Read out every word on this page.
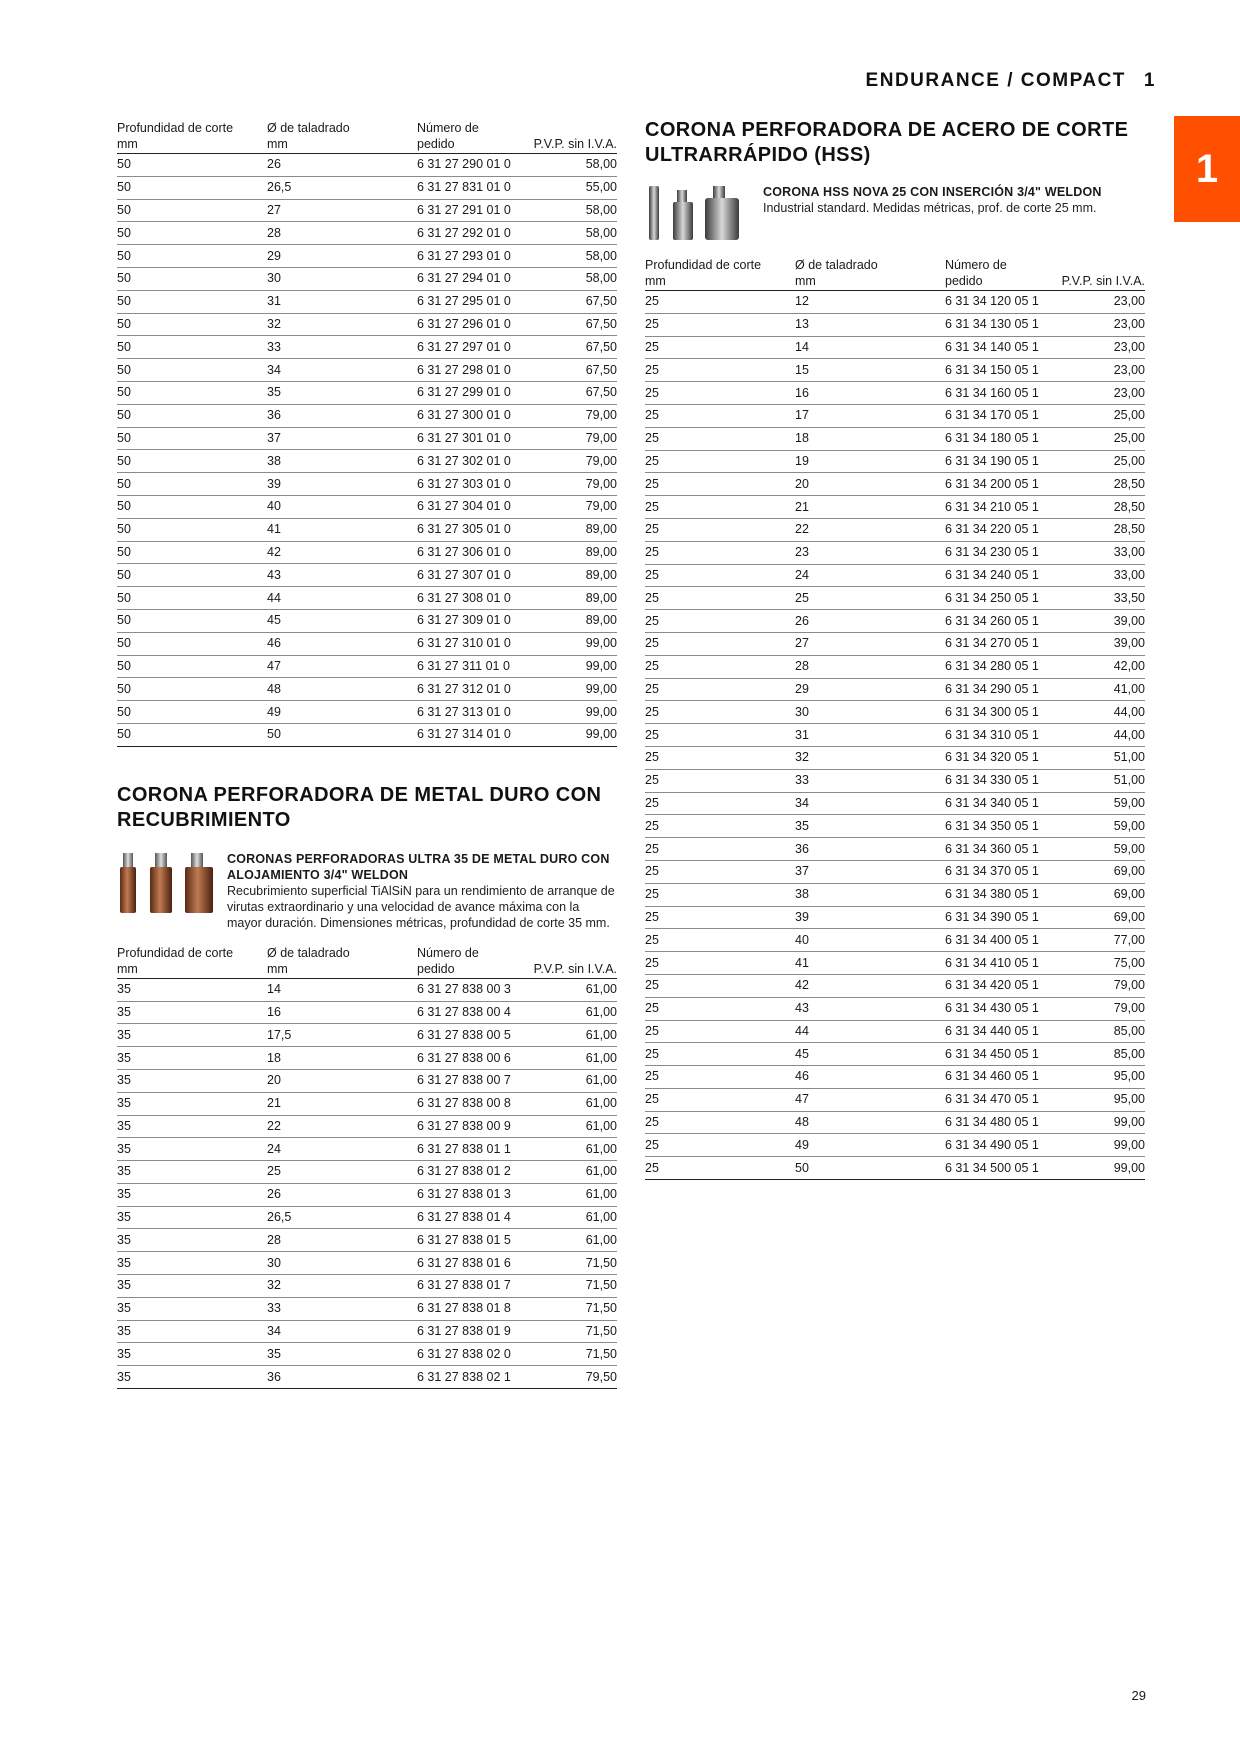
ENDURANCE / COMPACT 1
1
Profundidad de corte
mm	Ø de taladrado
mm	Número de
pedido	P.V.P. sin I.V.A.
50	26	6 31 27 290 01 0	58,00
50	26,5	6 31 27 831 01 0	55,00
50	27	6 31 27 291 01 0	58,00
50	28	6 31 27 292 01 0	58,00
50	29	6 31 27 293 01 0	58,00
50	30	6 31 27 294 01 0	58,00
50	31	6 31 27 295 01 0	67,50
50	32	6 31 27 296 01 0	67,50
50	33	6 31 27 297 01 0	67,50
50	34	6 31 27 298 01 0	67,50
50	35	6 31 27 299 01 0	67,50
50	36	6 31 27 300 01 0	79,00
50	37	6 31 27 301 01 0	79,00
50	38	6 31 27 302 01 0	79,00
50	39	6 31 27 303 01 0	79,00
50	40	6 31 27 304 01 0	79,00
50	41	6 31 27 305 01 0	89,00
50	42	6 31 27 306 01 0	89,00
50	43	6 31 27 307 01 0	89,00
50	44	6 31 27 308 01 0	89,00
50	45	6 31 27 309 01 0	89,00
50	46	6 31 27 310 01 0	99,00
50	47	6 31 27 311 01 0	99,00
50	48	6 31 27 312 01 0	99,00
50	49	6 31 27 313 01 0	99,00
50	50	6 31 27 314 01 0	99,00
CORONA PERFORADORA DE METAL DURO CON RECUBRIMIENTO
CORONAS PERFORADORAS ULTRA 35 DE METAL DURO CON ALOJAMIENTO 3/4" WELDON
Recubrimiento superficial TiAlSiN para un rendimiento de arranque de virutas extraordinario y una velocidad de avance máxima con la mayor duración. Dimensiones métricas, profundidad de corte 35 mm.
Profundidad de corte
mm	Ø de taladrado
mm	Número de
pedido	P.V.P. sin I.V.A.
35	14	6 31 27 838 00 3	61,00
35	16	6 31 27 838 00 4	61,00
35	17,5	6 31 27 838 00 5	61,00
35	18	6 31 27 838 00 6	61,00
35	20	6 31 27 838 00 7	61,00
35	21	6 31 27 838 00 8	61,00
35	22	6 31 27 838 00 9	61,00
35	24	6 31 27 838 01 1	61,00
35	25	6 31 27 838 01 2	61,00
35	26	6 31 27 838 01 3	61,00
35	26,5	6 31 27 838 01 4	61,00
35	28	6 31 27 838 01 5	61,00
35	30	6 31 27 838 01 6	71,50
35	32	6 31 27 838 01 7	71,50
35	33	6 31 27 838 01 8	71,50
35	34	6 31 27 838 01 9	71,50
35	35	6 31 27 838 02 0	71,50
35	36	6 31 27 838 02 1	79,50
CORONA PERFORADORA DE ACERO DE CORTE ULTRARRÁPIDO (HSS)
CORONA HSS NOVA 25 CON INSERCIÓN 3/4" WELDON
Industrial standard. Medidas métricas, prof. de corte 25 mm.
Profundidad de corte
mm	Ø de taladrado
mm	Número de
pedido	P.V.P. sin I.V.A.
25	12	6 31 34 120 05 1	23,00
25	13	6 31 34 130 05 1	23,00
25	14	6 31 34 140 05 1	23,00
25	15	6 31 34 150 05 1	23,00
25	16	6 31 34 160 05 1	23,00
25	17	6 31 34 170 05 1	25,00
25	18	6 31 34 180 05 1	25,00
25	19	6 31 34 190 05 1	25,00
25	20	6 31 34 200 05 1	28,50
25	21	6 31 34 210 05 1	28,50
25	22	6 31 34 220 05 1	28,50
25	23	6 31 34 230 05 1	33,00
25	24	6 31 34 240 05 1	33,00
25	25	6 31 34 250 05 1	33,50
25	26	6 31 34 260 05 1	39,00
25	27	6 31 34 270 05 1	39,00
25	28	6 31 34 280 05 1	42,00
25	29	6 31 34 290 05 1	41,00
25	30	6 31 34 300 05 1	44,00
25	31	6 31 34 310 05 1	44,00
25	32	6 31 34 320 05 1	51,00
25	33	6 31 34 330 05 1	51,00
25	34	6 31 34 340 05 1	59,00
25	35	6 31 34 350 05 1	59,00
25	36	6 31 34 360 05 1	59,00
25	37	6 31 34 370 05 1	69,00
25	38	6 31 34 380 05 1	69,00
25	39	6 31 34 390 05 1	69,00
25	40	6 31 34 400 05 1	77,00
25	41	6 31 34 410 05 1	75,00
25	42	6 31 34 420 05 1	79,00
25	43	6 31 34 430 05 1	79,00
25	44	6 31 34 440 05 1	85,00
25	45	6 31 34 450 05 1	85,00
25	46	6 31 34 460 05 1	95,00
25	47	6 31 34 470 05 1	95,00
25	48	6 31 34 480 05 1	99,00
25	49	6 31 34 490 05 1	99,00
25	50	6 31 34 500 05 1	99,00
29
